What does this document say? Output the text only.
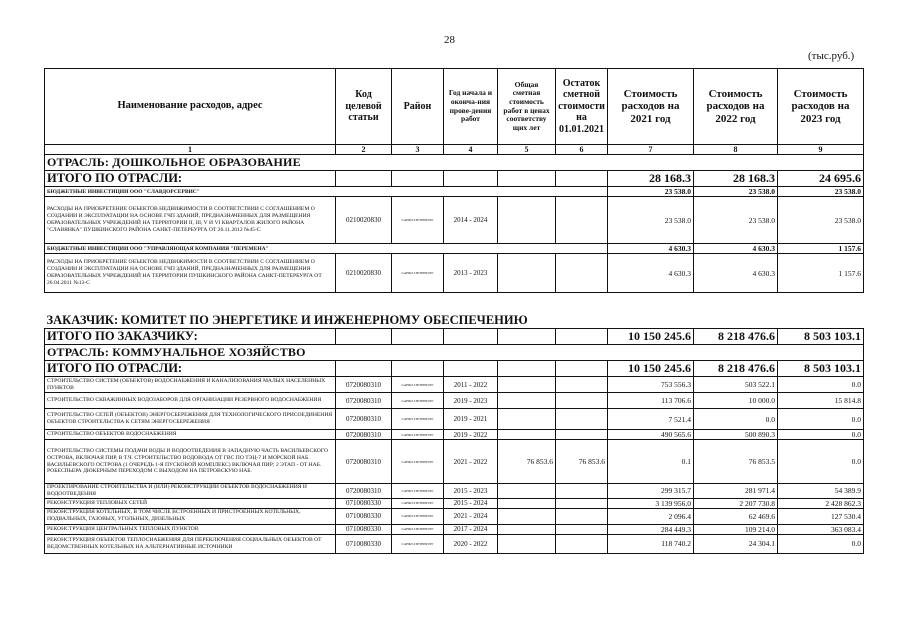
28
(тыс.руб.)
Наименование расходов, адрес	Код целевой статьи	Район	Год начала и оконча-ния прове-дения работ	Общая сметная стоимость работ в ценах соответству щих лет	Остаток сметной стоимости на 01.01.2021	Стоимость расходов на 2021 год	Стоимость расходов на 2022 год	Стоимость расходов на 2023 год
1	2	3	4	5	6	7	8	9
ОТРАСЛЬ: ДОШКОЛЬНОЕ ОБРАЗОВАНИЕ								
ИТОГО ПО ОТРАСЛИ:						28 168.3	28 168.3	24 695.6
БЮДЖЕТНЫЕ ИНВЕСТИЦИИ ООО "СЛАВДОРСЕРВИС"						23 538.0	23 538.0	23 538.0
РАСХОДЫ НА ПРИОБРЕТЕНИЕ ОБЪЕКТОВ НЕДВИЖИМОСТИ В СООТВЕТСТВИИ С СОГЛАШЕНИЕМ О СОЗДАНИИ И ЭКСПЛУАТАЦИИ НА ОСНОВЕ ГЧП ЗДАНИЙ, ПРЕДНАЗНАЧЕННЫХ ДЛЯ РАЗМЕЩЕНИЯ ОБРАЗОВАТЕЛЬНЫХ УЧРЕЖДЕНИЙ НА ТЕРРИТОРИИ II, III, V И VI КВАРТАЛОВ ЖИЛОГО РАЙОНА "СЛАВЯНКА" ПУШКИНСКОГО РАЙОНА САНКТ-ПЕТЕРБУРГА ОТ 26.11.2012 №45-С	0210020830	САНКТ-ПЕТЕРБУРГ	2014 - 2024			23 538.0	23 538.0	23 538.0
БЮДЖЕТНЫЕ ИНВЕСТИЦИИ ООО "УПРАВЛЯЮЩАЯ КОМПАНИЯ "ПЕРЕМЕНА"						4 630.3	4 630.3	1 157.6
РАСХОДЫ НА ПРИОБРЕТЕНИЕ ОБЪЕКТОВ НЕДВИЖИМОСТИ В СООТВЕТСТВИИ С СОГЛАШЕНИЕМ О СОЗДАНИИ И ЭКСПЛУАТАЦИИ НА ОСНОВЕ ГЧП ЗДАНИЙ, ПРЕДНАЗНАЧЕННЫХ ДЛЯ РАЗМЕЩЕНИЯ ОБРАЗОВАТЕЛЬНЫХ УЧРЕЖДЕНИЙ НА ТЕРРИТОРИИ ПУШКИНСКОГО РАЙОНА САНКТ-ПЕТЕРБУРГА ОТ 26.04.2011 №13-С	0210020830	САНКТ-ПЕТЕРБУРГ	2013 - 2023			4 630.3	4 630.3	1 157.6
ЗАКАЗЧИК: КОМИТЕТ ПО ЭНЕРГЕТИКЕ И ИНЖЕНЕРНОМУ ОБЕСПЕЧЕНИЮ								
ИТОГО ПО ЗАКАЗЧИКУ:						10 150 245.6	8 218 476.6	8 503 103.1
ОТРАСЛЬ: КОММУНАЛЬНОЕ ХОЗЯЙСТВО								
ИТОГО ПО ОТРАСЛИ:						10 150 245.6	8 218 476.6	8 503 103.1
СТРОИТЕЛЬСТВО СИСТЕМ (ОБЪЕКТОВ) ВОДОСНАБЖЕНИЯ И КАНАЛИЗОВАНИЯ МАЛЫХ НАСЕЛЕННЫХ ПУНКТОВ	0720080310	САНКТ-ПЕТЕРБУРГ	2011 - 2022			753 556.3	503 522.1	0.0
СТРОИТЕЛЬСТВО СКВАЖИННЫХ ВОДОЗАБОРОВ ДЛЯ ОРГАНИЗАЦИИ РЕЗЕРВНОГО ВОДОСНАБЖЕНИЯ	0720080310	САНКТ-ПЕТЕРБУРГ	2019 - 2023			113 706.6	10 000.0	15 814.8
СТРОИТЕЛЬСТВО СЕТЕЙ (ОБЪЕКТОВ) ЭНЕРГОСБЕРЕЖЕНИЯ ДЛЯ ТЕХНОЛОГИЧЕСКОГО ПРИСОЕДИНЕНИЯ ОБЪЕКТОВ СТРОИТЕЛЬСТВА К СЕТЯМ ЭНЕРГОСБЕРЕЖЕНИЯ	0720080310	САНКТ-ПЕТЕРБУРГ	2019 - 2021			7 521.4	0.0	0.0
СТРОИТЕЛЬСТВО ОБЪЕКТОВ ВОДОСНАБЖЕНИЯ	0720080310	САНКТ-ПЕТЕРБУРГ	2019 - 2022			490 565.6	500 890.3	0.0
СТРОИТЕЛЬСТВО СИСТЕМЫ ПОДАЧИ ВОДЫ И ВОДООТВЕДЕНИЯ В ЗАПАДНУЮ ЧАСТЬ ВАСИЛЬЕВСКОГО ОСТРОВА, ВКЛЮЧАЯ ПИР, В Т.Ч. СТРОИТЕЛЬСТВО ВОДОВОДА ОТ ГВС ПО ТЭЦ-7 И МОРСКОЙ НАБ. ВАСИЛЬЕВСКОГО ОСТРОВА (1 ОЧЕРЕДЬ 1-Я ПУСКОВОЙ КОМПЛЕКС) ВКЛЮЧАЯ ПИР; 2 ЭТАП - ОТ НАБ. РОБЕСПЬЕРА ДЮКЕРНЫМ ПЕРЕХОДОМ С ВЫХОДОМ НА ПЕТРОВСКУЮ НАБ.	0720080310	САНКТ-ПЕТЕРБУРГ	2021 - 2022	76 853.6	76 853.6	0.1	76 853.5	0.0
ПРОЕКТИРОВАНИЕ СТРОИТЕЛЬСТВА И (ИЛИ) РЕКОНСТРУКЦИИ ОБЪЕКТОВ ВОДОСНАБЖЕНИЯ И ВОДООТВЕДЕНИЯ	0720080310	САНКТ-ПЕТЕРБУРГ	2015 - 2023			299 315.7	281 971.4	54 389.9
РЕКОНСТРУКЦИЯ ТЕПЛОВЫХ СЕТЕЙ	0710080330	САНКТ-ПЕТЕРБУРГ	2015 - 2024			3 139 956.0	2 207 730.8	2 428 862.3
РЕКОНСТРУКЦИЯ КОТЕЛЬНЫХ, В ТОМ ЧИСЛЕ ВСТРОЕННЫХ И ПРИСТРОЕННЫХ КОТЕЛЬНЫХ, ПОДВАЛЬНЫХ, ГАЗОВЫХ, УГОЛЬНЫХ, ДИЗЕЛЬНЫХ	0710080330	САНКТ-ПЕТЕРБУРГ	2021 - 2024			2 096.4	62 469.6	127 530.4
РЕКОНСТРУКЦИЯ ЦЕНТРАЛЬНЫХ ТЕПЛОВЫХ ПУНКТОВ	0710080330	САНКТ-ПЕТЕРБУРГ	2017 - 2024			284 449.3	109 214.0	363 083.4
РЕКОНСТРУКЦИЯ ОБЪЕКТОВ ТЕПЛОСНАБЖЕНИЯ ДЛЯ ПЕРЕКЛЮЧЕНИЯ СОЦИАЛЬНЫХ ОБЪЕКТОВ ОТ ВЕДОМСТВЕННЫХ КОТЕЛЬНЫХ НА АЛЬТЕРНАТИВНЫЕ ИСТОЧНИКИ	0710080330	САНКТ-ПЕТЕРБУРГ	2020 - 2022			118 740.2	24 304.1	0.0
